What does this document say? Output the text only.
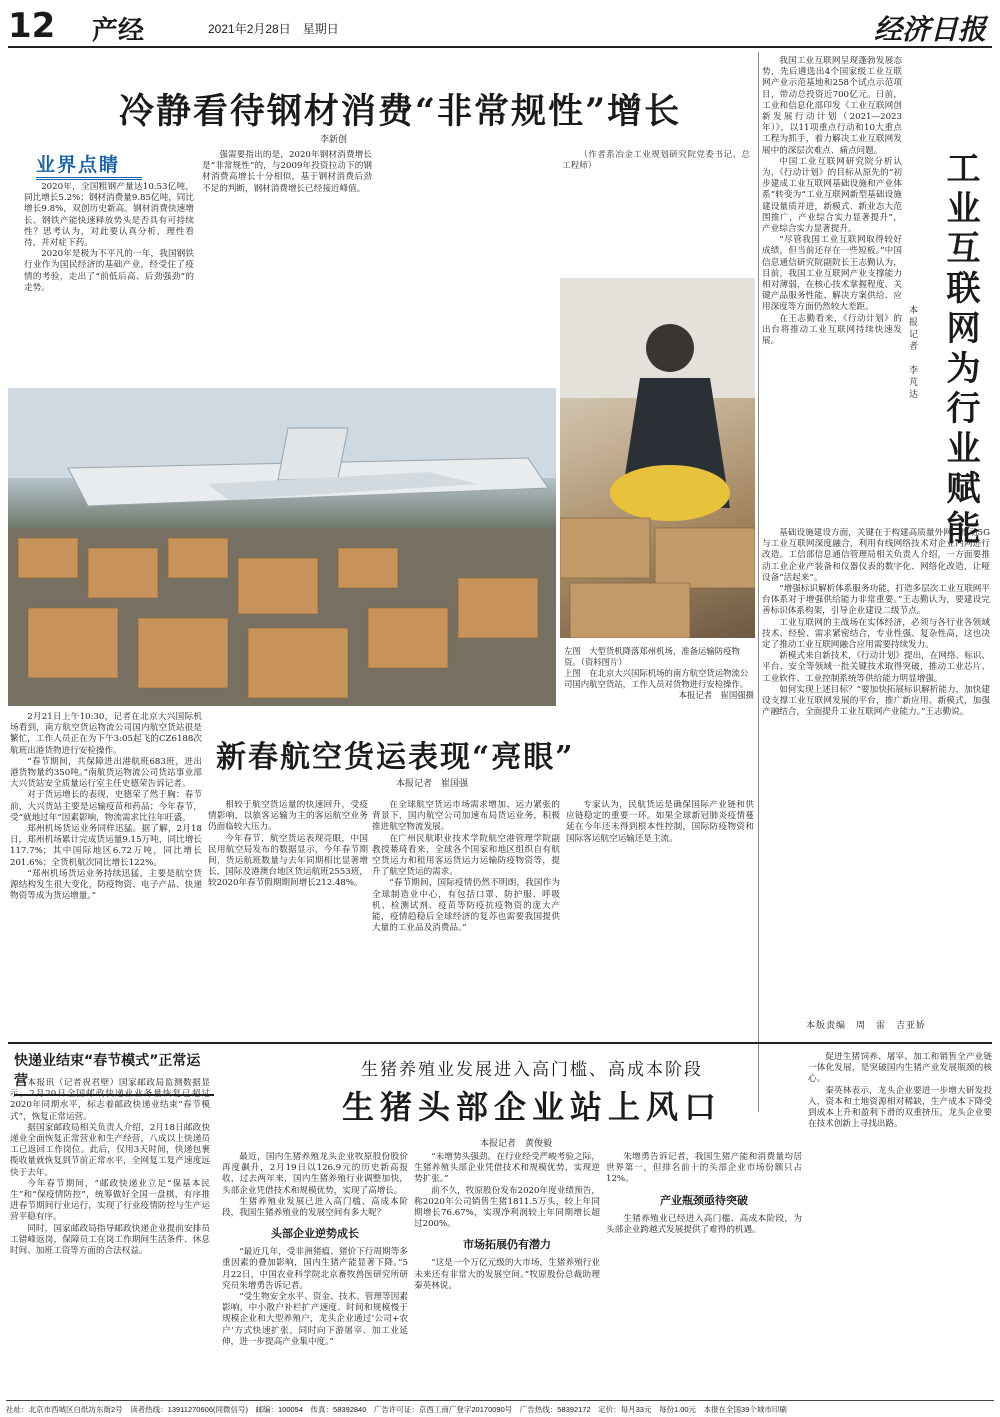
12 产经	2021年2月28日　星期日	经济日报
冷静看待钢材消费“非常规性”增长
李新创
业界点睛

2020年，全国粗钢产量达10.53亿吨，同比增长5.2%；钢材消费量9.85亿吨，同比增长9.8%，双创历史新高。钢材消费快速增长、钢铁产能快速释放势头是否具有可持续性？思考认为，对此要认真分析，理性看待，并对症下药。

2020年是极为不平凡的一年，我国钢铁行业作为国民经济的基础产业，经受住了疫情的考验，走出了“前低后高、后劲强劲”的走势。

强需要指出的是，2020年钢材消费增长是“非常规性”的，与2009年投资拉动下的钢材消费高增长十分相似，基于钢材消费后劲不足的判断，钢材消费增长已经接近峰值。

（作者系冶金工业规划研究院党委书记、总工程师）	工业互联网为行业赋能
本报记者　李芃达

我国工业互联网呈现蓬勃发展态势，先后遴选出4个国家级工业互联网产业示范基地和258个试点示范项目，带动总投资近700亿元。日前，工业和信息化部印发《工业互联网创新发展行动计划（2021—2023年）》，以11项重点行动和10大重点工程为抓手，着力解决工业互联网发展中的深层次难点、痛点问题。

中国工业互联网研究院分析认为，《行动计划》的目标从原先的“初步建成工业互联网基础设施和产业体系”转变为“工业互联网新型基础设施建设量质并进，新模式、新业态大范围推广，产业综合实力显著提升”，产业综合实力显著提升。

“尽管我国工业互联网取得较好成绩，但当前还存在一些短板。”中国信息通信研究院副院长王志勤认为，目前，我国工业互联网产业支撑能力相对薄弱，在核心技术掌握程度、关键产品服务性能、解决方案供给、应用深度等方面仍然较大差距。

在王志勤看来，《行动计划》的出台将推动工业互联网持续快速发展。

基础设施建设方面，关键在于构建高质量外网，推动5G与工业互联网深度融合，利用有线网络技术对企业内网进行改造。工信部信息通信管理局相关负责人介绍，一方面要推动工业企业产装备和仪器仪表的数字化、网络化改造，让哑设备“活起来”。

“增强标识解析体系服务功能，打造多层次工业互联网平台体系对于增强供给能力非常重要。”王志勤认为，要建设完善标识体系构架，引导企业建设二级节点。

工业互联网的主战场在实体经济，必须与各行业各领域技术、经验、需求紧密结合，专业性强、复杂性高，这也决定了推动工业互联网融合应用需要持续发力。

新模式来自新技术，《行动计划》提出，在网络、标识、平台、安全等领域一批关键技术取得突破，推动工业芯片、工业软件、工业控制系统等供给能力明显增强。

如何实现上述目标？“要加快拓展标识解析能力，加快建设支撑工业互联网发展的平台，推广新应用、新模式，加强产融结合，全面提升工业互联网产业能力。”王志勤说。

本版责编　周　雷　吉亚娇

左图　大型货机降落郑州机场，准备运输防疫物资。（资料图片）

上图　在北京大兴国际机场的南方航空货运物流公司国内航空货站，工作人员对货物进行安检操作。

本报记者　崔国强摄

新春航空货运表现“亮眼”
本报记者　崔国强

2月21日上午10:30，记者在北京大兴国际机场看到，南方航空货运物流公司国内航空货站很是繁忙，工作人员正在为下午3:05起飞的CZ6188次航班出港货物进行安检操作。

“春节期间，共保障进出港航班683班，进出港货物量约350吨。”南航货运物流公司货站事业部大兴货站安全质量运行室主任史德荣告诉记者。

对于货运增长的表现，史德荣了然于胸：春节前，大兴货站主要是运输疫苗和药品；今年春节，受“就地过年”因素影响，物流需求比往年旺盛。

郑州机场货运业务同样迅猛。据了解，2月18日，郑州机场累计完成货运量9.15万吨，同比增长117.7%；其中国际地区6.72万吨，同比增长201.6%；全货机航次同比增长122%。

“郑州机场货运业务持续迅猛，主要是航空货源结构发生很大变化，防疫物资、电子产品、快递物资等成为货运增量。”

相较于航空货运量的快速回升，受疫情影响，以旅客运输为主的客运航空业务仍面临较大压力。

今年春节，航空货运表现亮眼，中国民用航空局发布的数据显示，今年春节期间，货运航班数量与去年同期相比显著增长，国际及港澳台地区货运航班2553班，较2020年春节假期期间增长212.48%。

在全球航空货运市场需求增加、运力紧张的背景下，国内航空公司加速布局货运业务，积极推进航空物流发展。

在广州民航职业技术学院航空港管理学院副教授綦琦看来，全球各个国家和地区组织自有航空货运力和租用客运货运力运输防疫物资等，提升了航空货运的需求。

“春节期间，国际疫情仍然不明朗，我国作为全球制造业中心，有包括口罩、防护服、呼吸机、检测试剂、疫苗等防疫抗疫物资的庞大产能，疫情趋稳后全球经济的复苏也需要我国提供大量的工业品及消费品。”

专家认为，民航货运是确保国际产业链和供应链稳定的重要一环。如果全球新冠肺炎疫情蔓延在今年还未得到根本性控制，国际防疫物资和国际客运航空运输还是主流。

快递业结束“春节模式”正常运营 本报讯（记者祝君壁）国家邮政局监测数据显示，2月20日全国邮政快递业业务量恢复已超过2020年同期水平，标志着邮政快递业结束“春节模式”，恢复正常运营。

据国家邮政局相关负责人介绍，2月18日邮政快递业全面恢复正常营业和生产经营，八成以上快递员工已返回工作岗位。此后，仅用3天时间，快递包裹揽收量就恢复到节前正常水平，全网复工复产速度远快于去年。

今年春节期间，“邮政快递业立足“保基本民生”和“保疫情防控”，统筹做好全国一盘棋，有序推进春节期间行业运行，实现了行业疫情防控与生产运营平稳有序。

同时，国家邮政局指导邮政快递企业提前安排员工错峰返岗，保障员工在岗工作期间生活条件、休息时间、加班工资等方面的合法权益。

生猪养殖业发展进入高门槛、高成本阶段
生猪头部企业站上风口
本报记者　黄俊毅

最近，国内生猪养殖龙头企业牧原股份股价再度飙升，2月19日以126.9元的历史新高报收，过去两年来，国内生猪养殖行业调整加快，头部企业凭借技术和规模优势，实现了高增长。

生猪养殖业发展已进入高门槛、高成本阶段，我国生猪养殖业的发展空间有多大呢？

头部企业逆势成长

“最近几年，受非洲猪瘟、猪价下行周期等多重因素的叠加影响，国内生猪产能显著下降。”5月22日，中国农业科学院北京畜牧兽医研究所研究员朱增勇告诉记者。

“受生物安全水平、资金、技术、管理等因素影响，中小散户补栏扩产速度、时间和规模慢于规模企业和大型养殖户，龙头企业通过‘公司+农户’方式快速扩张，同时向下游屠宰、加工业延伸，进一步提高产业集中度。”

“未增势头强劲。在行业经受严峻考验之际，生猪养殖头部企业凭借技术和规模优势，实现逆势扩张。”

前不久，牧原股份发布2020年度业绩预告，称2020年公司销售生猪1811.5万头，较上年同期增长76.67%，实现净利润较上年同期增长超过200%。

市场拓展仍有潜力

“这是一个万亿元级的大市场，生猪养殖行业未来还有非常大的发展空间。”牧原股份总裁助理秦英林说。

朱增勇告诉记者，我国生猪产能和消费量均居世界第一，但排名前十的头部企业市场份额只占12%。

产业瓶颈亟待突破

生猪养殖业已经进入高门槛、高成本阶段，为头部企业跨越式发展提供了难得的机遇。

促进生猪饲养、屠宰、加工和销售全产业链一体化发展，是突破国内生猪产业发展瓶颈的核心。

秦英林表示，龙头企业要进一步增大研发投入，资本和土地资源相对稀缺，生产成本下降受到成本上升和盈利下滑的双重挤压，龙头企业要在技术创新上寻找出路。

社址：北京市西城区白纸坊东街2号　读者热线：13911270606(同微信号)　邮编：100054　传真：58392840　广告许可证：京西工商广登字20170090号　广告热线：58392172　定价：每月33元　每份1.00元　本报在全国39个城市印刷
